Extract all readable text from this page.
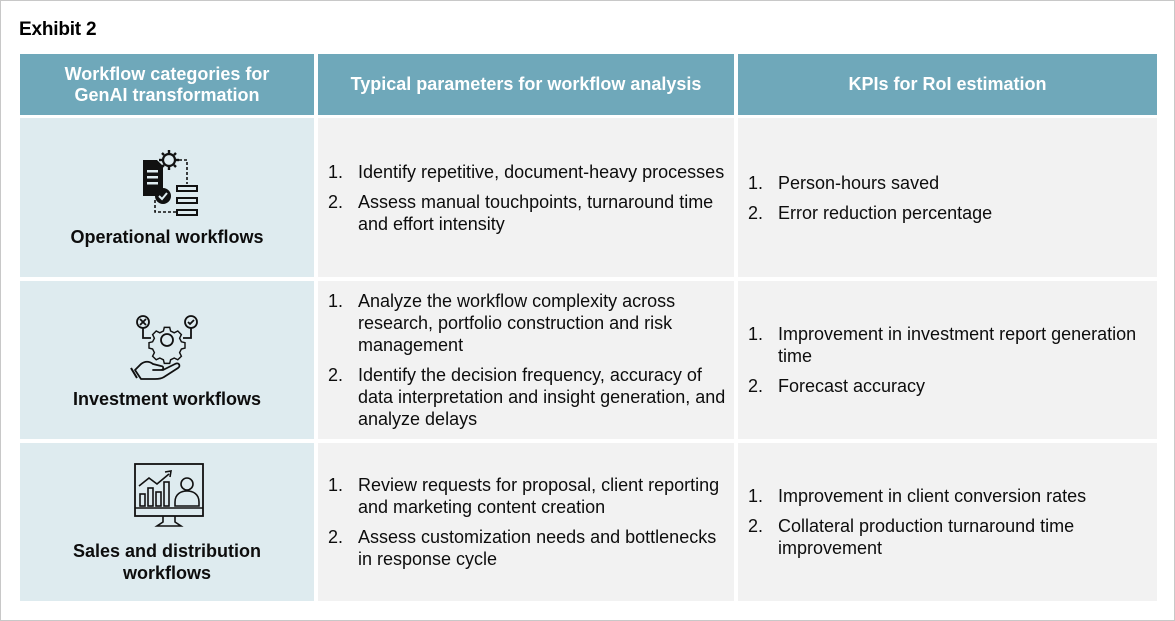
Exhibit 2
Workflow categories for GenAI transformation
Typical parameters for workflow analysis	KPIs for RoI estimation
Operational workflows
1. Identify repetitive, document-heavy processes
2. Assess manual touchpoints, turnaround time and effort intensity
1. Person-hours saved
2. Error reduction percentage
Investment workflows
1. Analyze the workflow complexity across research, portfolio construction and risk management
2. Identify the decision frequency, accuracy of data interpretation and insight generation, and analyze delays
1. Improvement in investment report generation time
2. Forecast accuracy
Sales and distribution workflows
1. Review requests for proposal, client reporting and marketing content creation
2. Assess customization needs and bottlenecks in response cycle
1. Improvement in client conversion rates
2. Collateral production turnaround time improvement
